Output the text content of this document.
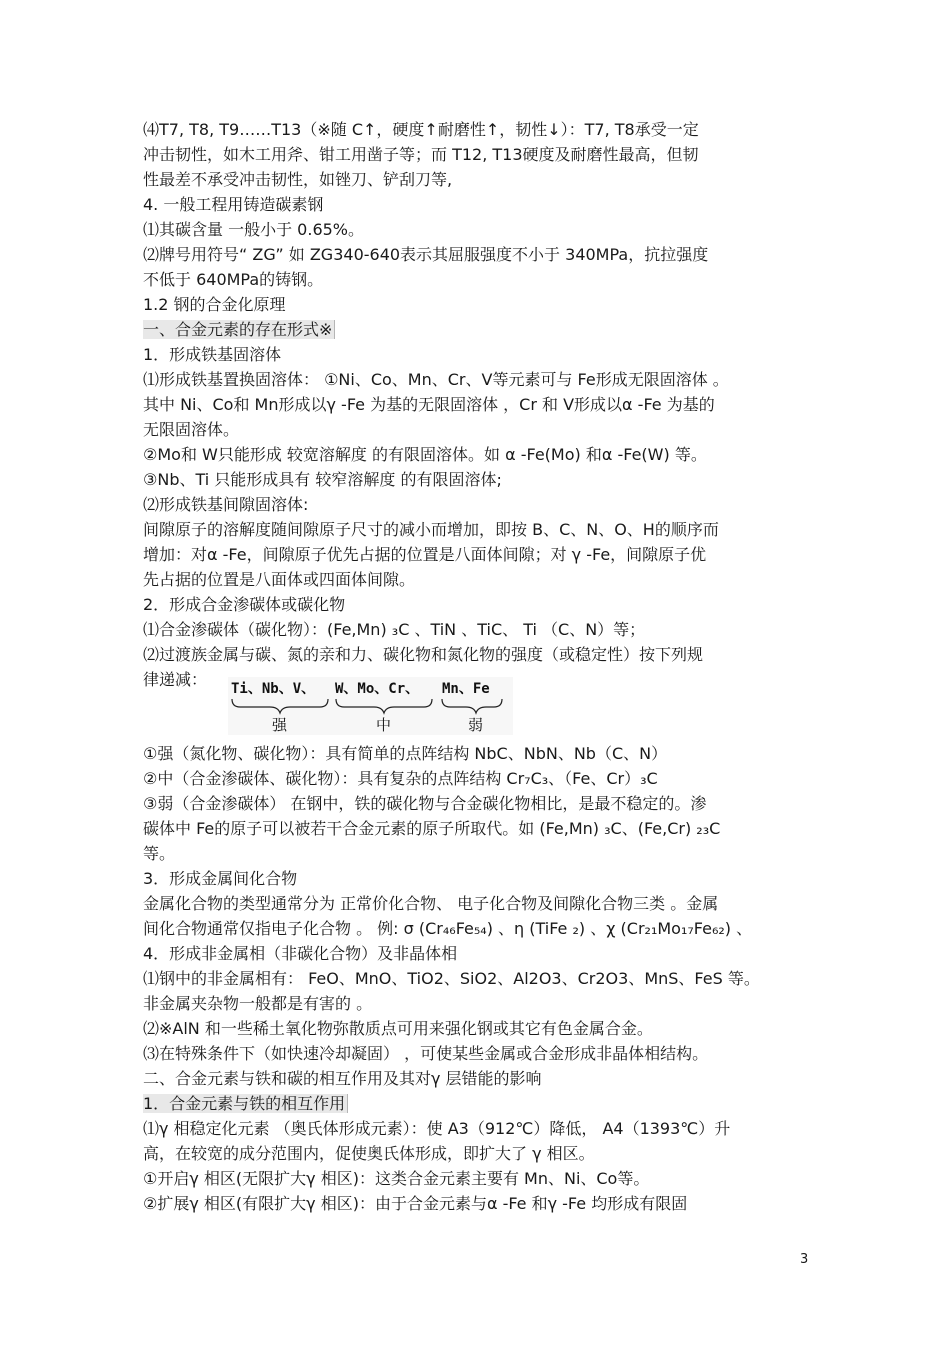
⑷T7, T8, T9……T13（※随 C↑，硬度↑耐磨性↑，韧性↓）：T7, T8承受一定
冲击韧性，如木工用斧、钳工用凿子等；而 T12, T13硬度及耐磨性最高，但韧
性最差不承受冲击韧性，如锉刀、铲刮刀等,
4. 一般工程用铸造碳素钢
⑴其碳含量 一般小于 0.65%。
⑵牌号用符号“ ZG” 如 ZG340-640表示其屈服强度不小于 340MPa，抗拉强度
不低于 640MPa的铸钢。
1.2 钢的合金化原理
一、合金元素的存在形式※
1．形成铁基固溶体
⑴形成铁基置换固溶体： ①Ni、Co、Mn、Cr、V等元素可与 Fe形成无限固溶体 。
其中 Ni、Co和 Mn形成以γ -Fe 为基的无限固溶体 ，Cr 和 V形成以α -Fe 为基的
无限固溶体。
②Mo和 W只能形成 较宽溶解度 的有限固溶体。如 α -Fe(Mo) 和α -Fe(W) 等。
③Nb、Ti 只能形成具有 较窄溶解度 的有限固溶体;
⑵形成铁基间隙固溶体:
间隙原子的溶解度随间隙原子尺寸的减小而增加，即按 B、C、N、O、H的顺序而
增加：对α -Fe，间隙原子优先占据的位置是八面体间隙；对 γ -Fe，间隙原子优
先占据的位置是八面体或四面体间隙。
2．形成合金渗碳体或碳化物
⑴合金渗碳体（碳化物）：(Fe,Mn) ₃C 、TiN 、TiC、 Ti （C、N）等；
⑵过渡族金属与碳、氮的亲和力、碳化物和氮化物的强度（或稳定性）按下列规
律递减： Ti、Nb、V、 W、Mo、Cr、 Mn、Fe
强	中	弱
①强（氮化物、碳化物）：具有简单的点阵结构 NbC、NbN、Nb（C、N）
②中（合金渗碳体、碳化物）：具有复杂的点阵结构 Cr₇C₃、（Fe、Cr）₃C
③弱（合金渗碳体） 在钢中，铁的碳化物与合金碳化物相比，是最不稳定的。渗
碳体中 Fe的原子可以被若干合金元素的原子所取代。如 (Fe,Mn) ₃C、(Fe,Cr) ₂₃C
等。
3．形成金属间化合物
金属化合物的类型通常分为 正常价化合物、 电子化合物及间隙化合物三类 。金属
间化合物通常仅指电子化合物 。 例: σ (Cr₄₆Fe₅₄) 、η (TiFe ₂) 、χ (Cr₂₁Mo₁₇Fe₆₂) 、
4．形成非金属相（非碳化合物）及非晶体相
⑴钢中的非金属相有： FeO、MnO、TiO2、SiO2、Al2O3、Cr2O3、MnS、FeS 等。
非金属夹杂物一般都是有害的 。
⑵※AlN 和一些稀土氧化物弥散质点可用来强化钢或其它有色金属合金。
⑶在特殊条件下（如快速冷却凝固） ，可使某些金属或合金形成非晶体相结构。
二、合金元素与铁和碳的相互作用及其对γ 层错能的影响
1．合金元素与铁的相互作用
⑴γ 相稳定化元素 （奥氏体形成元素）：使 A3（912℃）降低， A4（1393℃）升
高，在较宽的成分范围内，促使奥氏体形成，即扩大了 γ 相区。
①开启γ 相区(无限扩大γ 相区)：这类合金元素主要有 Mn、Ni、Co等。
②扩展γ 相区(有限扩大γ 相区)：由于合金元素与α -Fe 和γ -Fe 均形成有限固
3
